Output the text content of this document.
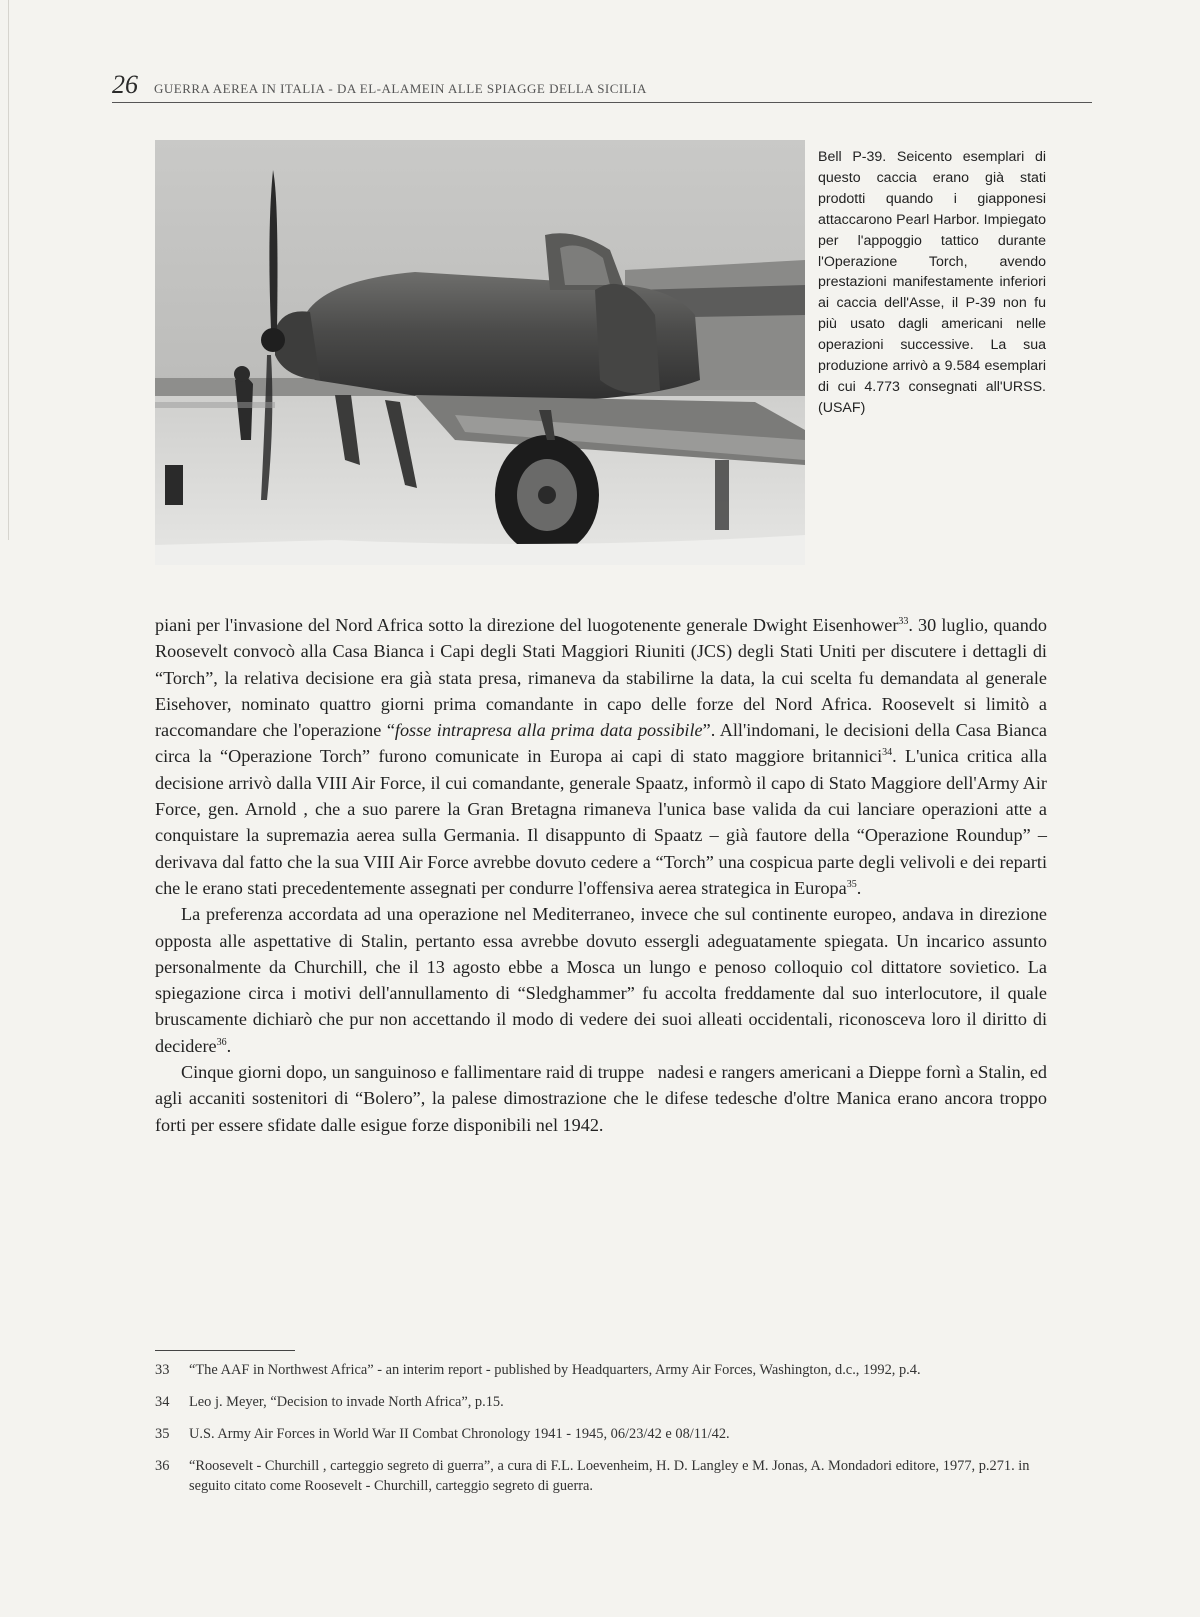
26 GUERRA AEREA IN ITALIA - DA EL-ALAMEIN ALLE SPIAGGE DELLA SICILIA
Bell P-39. Seicento esemplari di questo caccia erano già stati prodotti quando i giapponesi attaccarono Pearl Harbor. Impiegato per l'appoggio tattico durante l'Operazione Torch, avendo prestazioni manifestamente inferiori ai caccia dell'Asse, il P-39 non fu più usato dagli americani nelle operazioni successive. La sua produzione arrivò a 9.584 esemplari di cui 4.773 consegnati all'URSS. (USAF)

piani per l'invasione del Nord Africa sotto la direzione del luogotenente generale Dwight Eisenhower$^{33}$. 30 luglio, quando Roosevelt convocò alla Casa Bianca i Capi degli Stati Maggiori Riuniti (JCS) degli Stati Uniti per discutere i dettagli di “Torch”, la relativa decisione era già stata presa, rimaneva da stabilirne la data, la cui scelta fu demandata al generale Eisehover, nominato quattro giorni prima comandante in capo delle forze del Nord Africa. Roosevelt si limitò a raccomandare che l'operazione “fosse intrapresa alla prima data possibile”. All'indomani, le decisioni della Casa Bianca circa la “Operazione Torch” furono comunicate in Europa ai capi di stato maggiore britannici$^{34}$. L'unica critica alla decisione arrivò dalla VIII Air Force, il cui comandante, generale Spaatz, informò il capo di Stato Maggiore dell'Army Air Force, gen. Arnold , che a suo parere la Gran Bretagna rimaneva l'unica base valida da cui lanciare operazioni atte a conquistare la supremazia aerea sulla Germania. Il disappunto di Spaatz – già fautore della “Operazione Roundup” – derivava dal fatto che la sua VIII Air Force avrebbe dovuto cedere a “Torch” una cospicua parte degli velivoli e dei reparti che le erano stati precedentemente assegnati per condurre l'offensiva aerea strategica in Europa$^{35}$.

La preferenza accordata ad una operazione nel Mediterraneo, invece che sul continente europeo, andava in direzione opposta alle aspettative di Stalin, pertanto essa avrebbe dovuto essergli adeguatamente spiegata. Un incarico assunto personalmente da Churchill, che il 13 agosto ebbe a Mosca un lungo e penoso colloquio col dittatore sovietico. La spiegazione circa i motivi dell'annullamento di “Sledghammer” fu accolta freddamente dal suo interlocutore, il quale bruscamente dichiarò che pur non accettando il modo di vedere dei suoi alleati occidentali, riconosceva loro il diritto di decidere$^{36}$.

Cinque giorni dopo, un sanguinoso e fallimentare raid di truppe  nadesi e rangers americani a Dieppe fornì a Stalin, ed agli accaniti sostenitori di “Bolero”, la palese dimostrazione che le difese tedesche d'oltre Manica erano ancora troppo forti per essere sfidate dalle esigue forze disponibili nel 1942.

33	“The AAF in Northwest Africa” - an interim report - published by Headquarters, Army Air Forces, Washington, d.c., 1992, p.4.
34	Leo j. Meyer, “Decision to invade North Africa”, p.15.
35	U.S. Army Air Forces in World War II Combat Chronology 1941 - 1945, 06/23/42 e 08/11/42.
36	“Roosevelt - Churchill , carteggio segreto di guerra”, a cura di F.L. Loevenheim, H. D. Langley e M. Jonas, A. Mondadori editore, 1977, p.271. in seguito citato come Roosevelt - Churchill, carteggio segreto di guerra.
